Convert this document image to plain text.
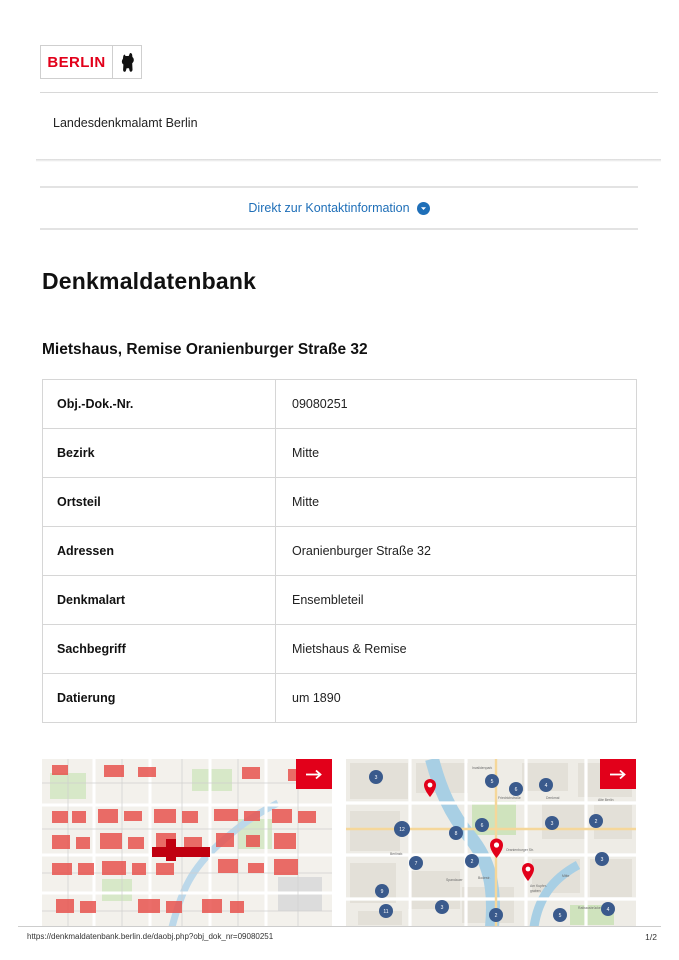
BERLIN
Landesdenkmalamt Berlin
Direkt zur Kontaktinformation
Denkmaldatenbank
Mietshaus, Remise Oranienburger Straße 32
Obj.-Dok.-Nr.	09080251
Bezirk	Mitte
Ortsteil	Mitte
Adressen	Oranienburger Straße 32
Denkmalart	Ensembleteil
Sachbegriff	Mietshaus & Remise
Datierung	um 1890
3
5
6
4
12
8
6	3	2
7	2	3
9
11
3
2	5
4
Invalidenpark
Friedrichstraße	Denkmal	Alte Berlin
Oranienburger Str.
Am Kupfer-
graben
Bodestr.
Spandauer
Rathausbrücke
Mitte
Berlinstr.
https://denkmaldatenbank.berlin.de/daobj.php?obj_dok_nr=09080251	1/2
